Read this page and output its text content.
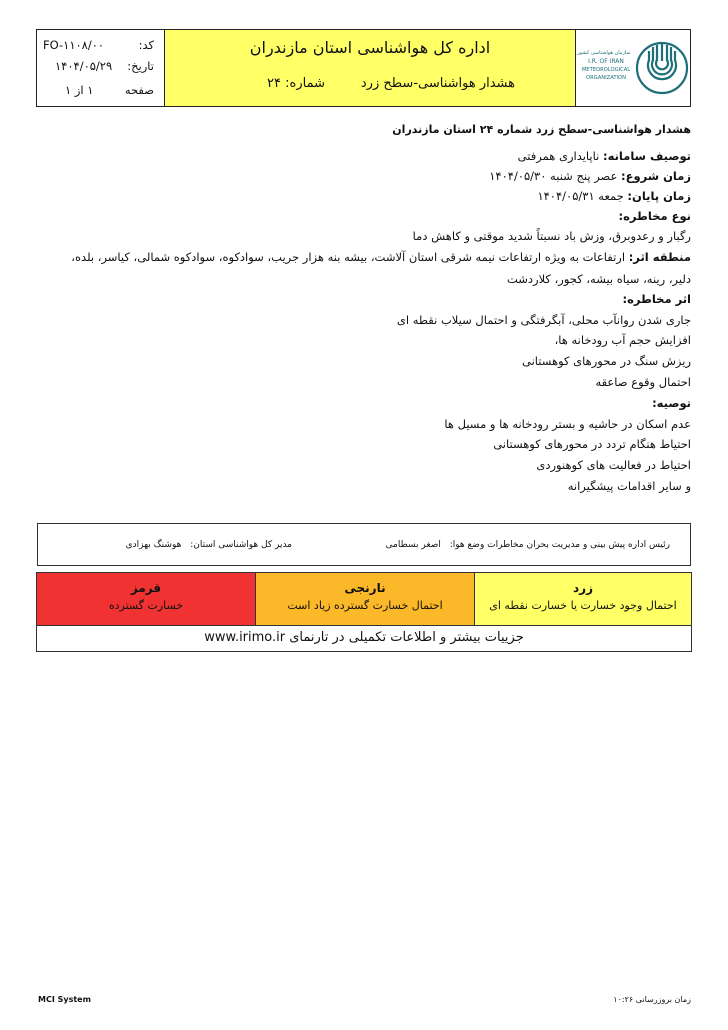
کد:
FO-۱۱۰۸/۰۰
تاریخ:
۱۴۰۴/۰۵/۲۹
صفحه
۱ از ۱
اداره کل هواشناسی استان مازندران
هشدار هواشناسی-سطح زرد
شماره: ۲۴
سازمان هواشناسی کشور
I.R. OF IRAN
METEOROLOGICAL
ORGANIZATION
هشدار هواشناسی-سطح زرد شماره ۲۴ استان مازندران
توصیف سامانه: ناپایداری همرفتی
زمان شروع: عصر پنج شنبه ۱۴۰۴/۰۵/۳۰
زمان پایان: جمعه ۱۴۰۴/۰۵/۳۱
نوع مخاطره:
رگبار و رعدوبرق، وزش باد نسبتاً شدید موقتی و کاهش دما
منطقه اثر: ارتفاعات به ویژه ارتفاعات نیمه شرقی استان آلاشت، بیشه بنه هزار جریب، سوادکوه، سوادکوه شمالی، کیاسر، بلده، دلیر، رینه، سیاه بیشه، کجور، کلاردشت
اثر مخاطره:
جاری شدن روانآب محلی، آبگرفتگی و احتمال سیلاب نقطه ای
افزایش حجم آب رودخانه ها،
ریزش سنگ در محورهای کوهستانی
احتمال وقوع صاعقه
توصیه:
عدم اسکان در حاشیه و بستر رودخانه ها و مسیل ها
احتیاط هنگام تردد در محورهای کوهستانی
احتیاط در فعالیت های کوهنوردی
و سایر اقدامات پیشگیرانه
رئیس اداره پیش بینی و مدیریت بحران مخاطرات وضع هوا: اصغر بسطامی
مدیر کل هواشناسی استان: هوشنگ بهزادی
زرد
احتمال وجود خسارت یا خسارت نقطه ای
نارنجی
احتمال خسارت گسترده زیاد است
قرمز
خسارت گسترده
جزییات بیشتر و اطلاعات تکمیلی در تارنمای www.irimo.ir
MCI System	زمان بروزرسانی ۱۰:۲۶
